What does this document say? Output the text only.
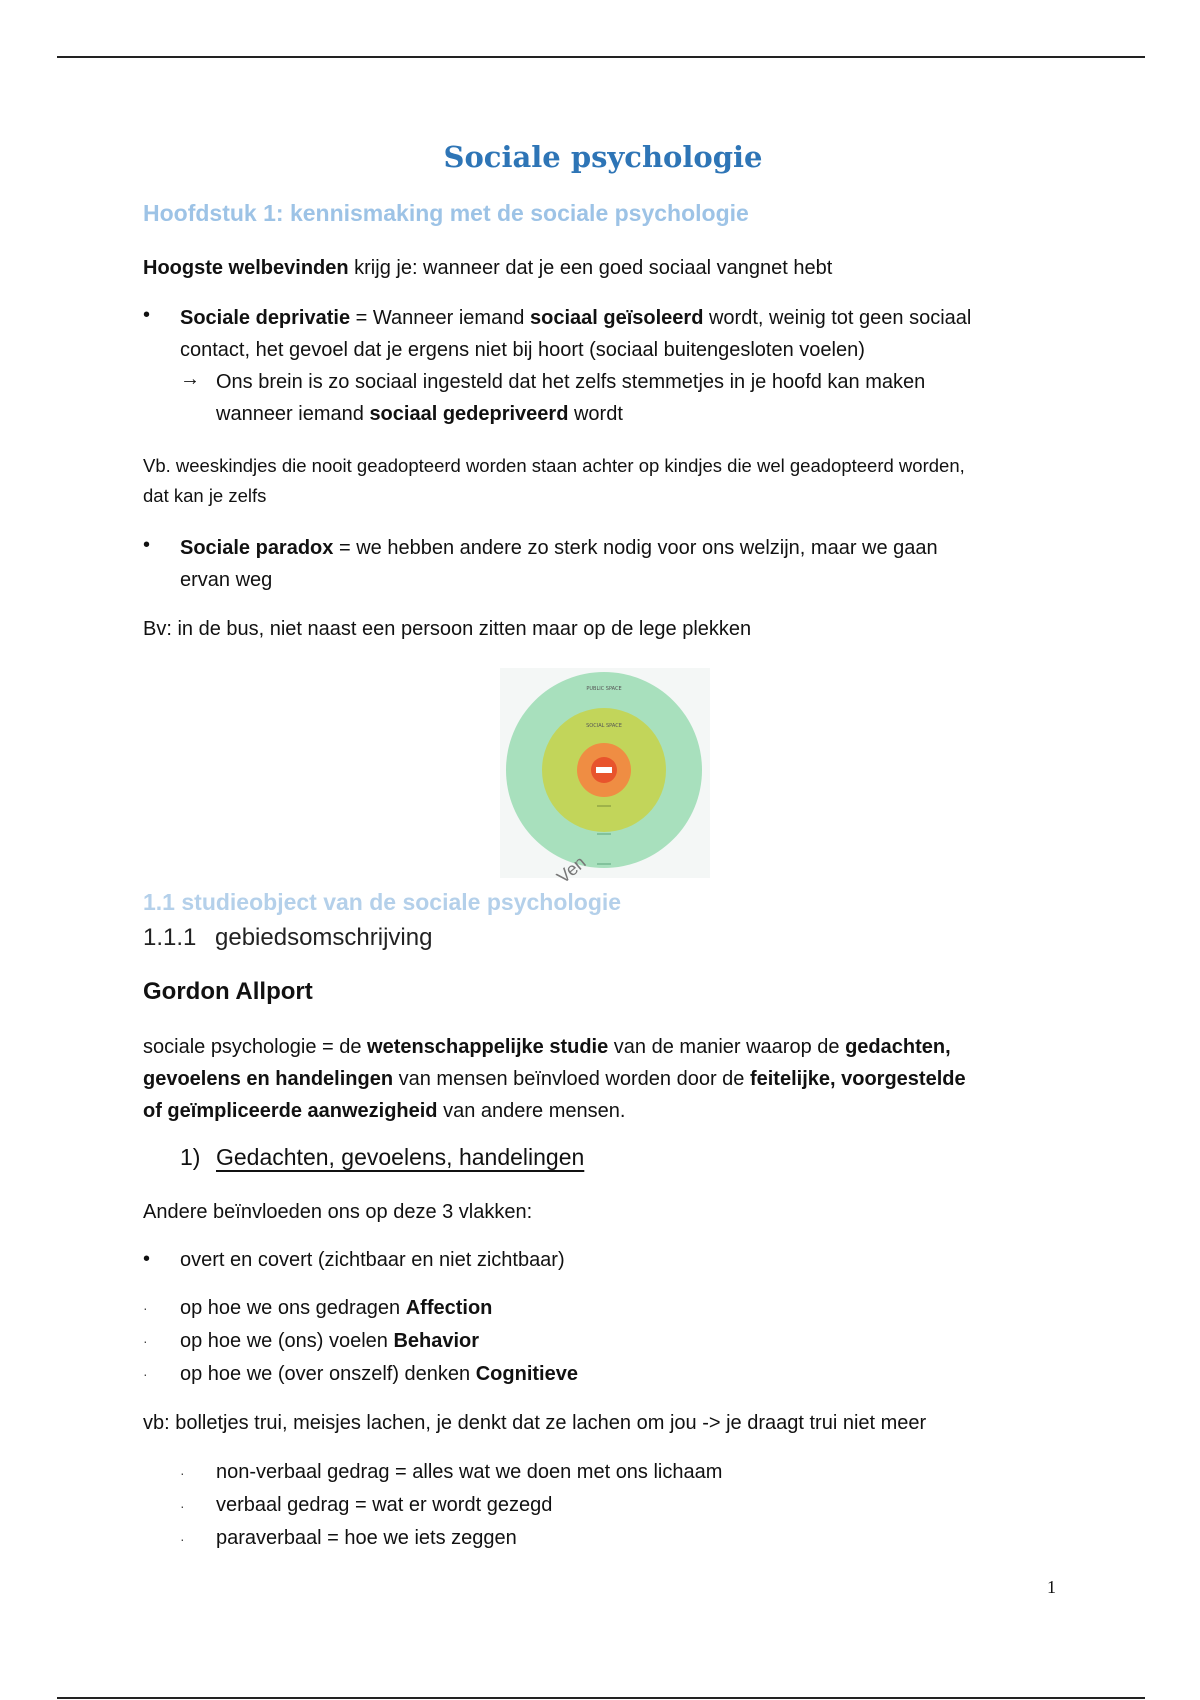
Sociale psychologie
Hoofdstuk 1: kennismaking met de sociale psychologie
Hoogste welbevinden krijg je: wanneer dat je een goed sociaal vangnet hebt
• Sociale deprivatie = Wanneer iemand sociaal geïsoleerd wordt, weinig tot geen sociaal
contact, het gevoel dat je ergens niet bij hoort (sociaal buitengesloten voelen)
→ Ons brein is zo sociaal ingesteld dat het zelfs stemmetjes in je hoofd kan maken
wanneer iemand sociaal gedepriveerd wordt
Vb. weeskindjes die nooit geadopteerd worden staan achter op kindjes die wel geadopteerd worden,
dat kan je zelfs
• Sociale paradox = we hebben andere zo sterk nodig voor ons welzijn, maar we gaan
ervan weg
Bv: in de bus, niet naast een persoon zitten maar op de lege plekken
1.1 studieobject van de sociale psychologie
1.1.1 gebiedsomschrijving
Gordon Allport
sociale psychologie = de wetenschappelijke studie van de manier waarop de gedachten,
gevoelens en handelingen van mensen beïnvloed worden door de feitelijke, voorgestelde
of geïmpliceerde aanwezigheid van andere mensen.
1) Gedachten, gevoelens, handelingen
Andere beïnvloeden ons op deze 3 vlakken:
• overt en covert (zichtbaar en niet zichtbaar)
· op hoe we ons gedragen Affection
· op hoe we (ons) voelen Behavior
· op hoe we (over onszelf) denken Cognitieve
vb: bolletjes trui, meisjes lachen, je denkt dat ze lachen om jou -> je draagt trui niet meer
· non-verbaal gedrag = alles wat we doen met ons lichaam
· verbaal gedrag = wat er wordt gezegd
· paraverbaal = hoe we iets zeggen
PUBLIC SPACE
SOCIAL SPACE
Ven
1
